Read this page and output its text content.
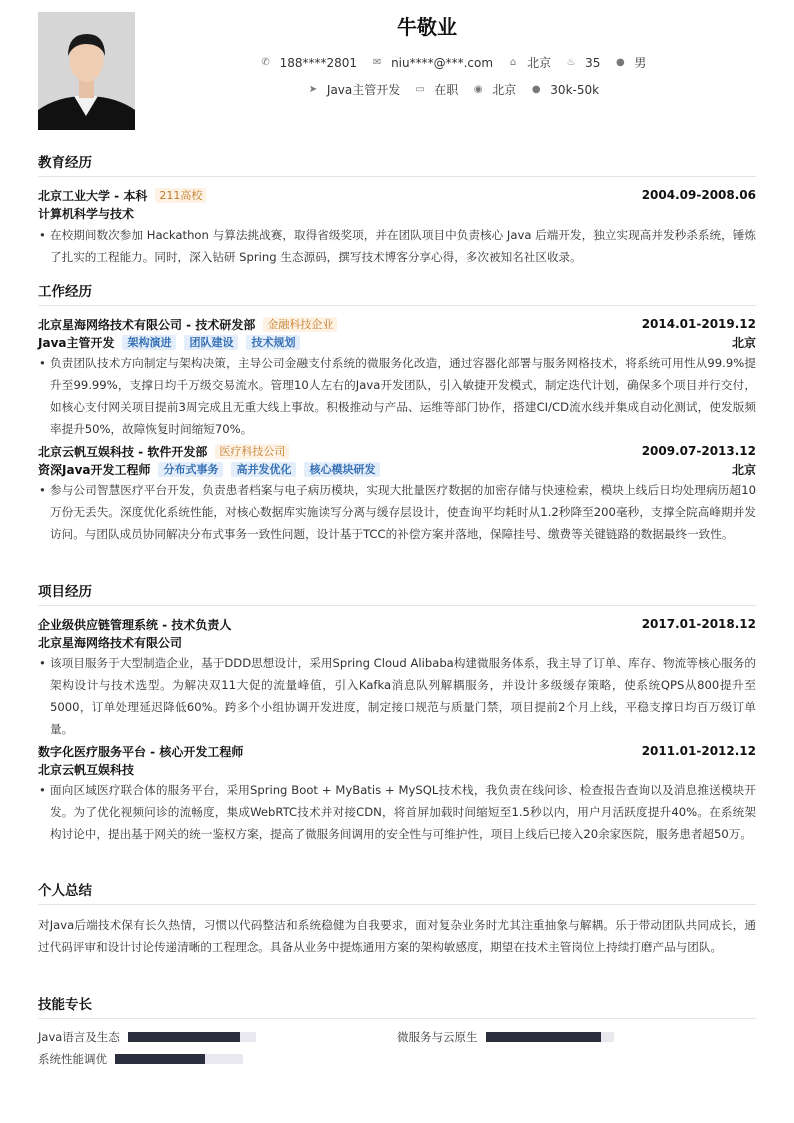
牛敬业
✆ 188****2801 ✉ niu****@***.com ⌂ 北京 ♨ 35 ● 男
➤ Java主管开发 ▭ 在职 ◉ 北京 ● 30k-50k
教育经历
北京工业大学 - 本科	211高校	2004.09-2008.06
计算机科学与技术
• 在校期间数次参加 Hackathon 与算法挑战赛，取得省级奖项，并在团队项目中负责核心 Java 后端开发，独立实现高并发秒杀系统，锤炼了扎实的工程能力。同时，深入钻研 Spring 生态源码，撰写技术博客分享心得，多次被知名社区收录。
工作经历
北京星海网络技术有限公司 - 技术研发部	金融科技企业	2014.01-2019.12
Java主管开发	架构演进	团队建设	技术规划	北京
• 负责团队技术方向制定与架构决策，主导公司金融支付系统的微服务化改造，通过容器化部署与服务网格技术，将系统可用性从99.9%提升至99.99%，支撑日均千万级交易流水。管理10人左右的Java开发团队，引入敏捷开发模式，制定迭代计划，确保多个项目并行交付，如核心支付网关项目提前3周完成且无重大线上事故。积极推动与产品、运维等部门协作，搭建CI/CD流水线并集成自动化测试，使发版频率提升50%，故障恢复时间缩短70%。
北京云帆互娱科技 - 软件开发部	医疗科技公司	2009.07-2013.12
资深Java开发工程师	分布式事务	高并发优化	核心模块研发	北京
• 参与公司智慧医疗平台开发，负责患者档案与电子病历模块，实现大批量医疗数据的加密存储与快速检索，模块上线后日均处理病历超10万份无丢失。深度优化系统性能，对核心数据库实施读写分离与缓存层设计，使查询平均耗时从1.2秒降至200毫秒，支撑全院高峰期并发访问。与团队成员协同解决分布式事务一致性问题，设计基于TCC的补偿方案并落地，保障挂号、缴费等关键链路的数据最终一致性。
项目经历
企业级供应链管理系统 - 技术负责人	2017.01-2018.12
北京星海网络技术有限公司
• 该项目服务于大型制造企业，基于DDD思想设计，采用Spring Cloud Alibaba构建微服务体系，我主导了订单、库存、物流等核心服务的架构设计与技术选型。为解决双11大促的流量峰值，引入Kafka消息队列解耦服务，并设计多级缓存策略，使系统QPS从800提升至5000，订单处理延迟降低60%。跨多个小组协调开发进度，制定接口规范与质量门禁，项目提前2个月上线，平稳支撑日均百万级订单量。
数字化医疗服务平台 - 核心开发工程师	2011.01-2012.12
北京云帆互娱科技
• 面向区域医疗联合体的服务平台，采用Spring Boot + MyBatis + MySQL技术栈，我负责在线问诊、检查报告查询以及消息推送模块开发。为了优化视频问诊的流畅度，集成WebRTC技术并对接CDN，将首屏加载时间缩短至1.5秒以内，用户月活跃度提升40%。在系统架构讨论中，提出基于网关的统一鉴权方案，提高了微服务间调用的安全性与可维护性，项目上线后已接入20余家医院，服务患者超50万。
个人总结
对Java后端技术保有长久热情，习惯以代码整洁和系统稳健为自我要求，面对复杂业务时尤其注重抽象与解耦。乐于带动团队共同成长，通过代码评审和设计讨论传递清晰的工程理念。具备从业务中提炼通用方案的架构敏感度，期望在技术主管岗位上持续打磨产品与团队。
技能专长
Java语言及生态	微服务与云原生
系统性能调优
